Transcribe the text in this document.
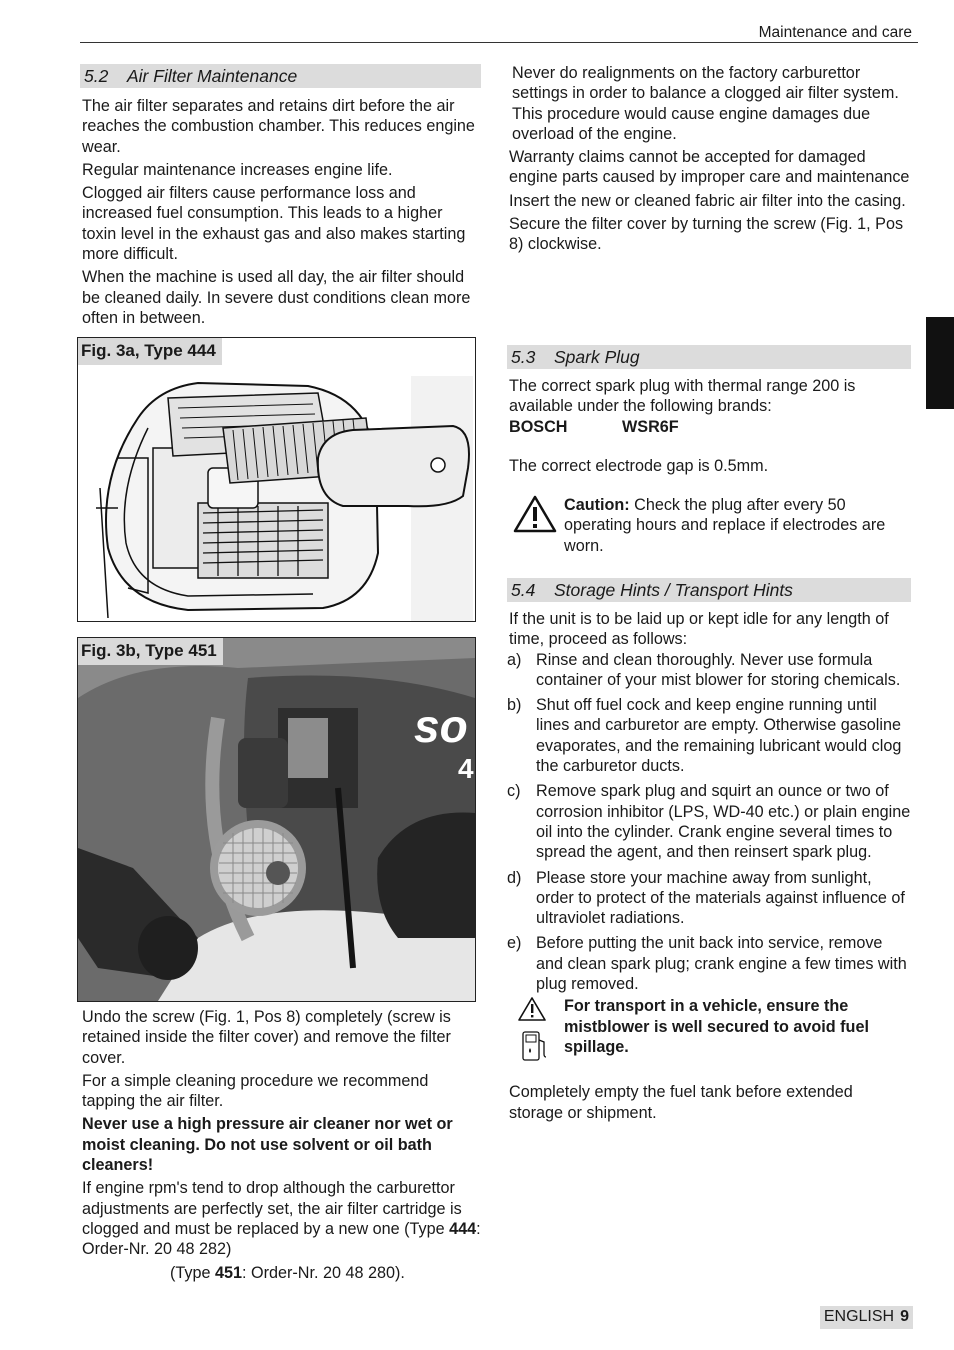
Maintenance and care
5.2 Air Filter Maintenance

The air filter separates and retains dirt before the air reaches the combustion chamber. This reduces engine wear.

Regular maintenance increases engine life.

Clogged air filters cause performance loss and increased fuel consumption. This leads to a higher toxin level in the exhaust gas and also makes starting more difficult.

When the machine is used all day, the air filter should be cleaned daily. In severe dust conditions clean more often in between.

Fig. 3a, Type 444
Fig. 3b, Type 451
so
4

Undo the screw (Fig. 1, Pos 8) completely (screw is retained inside the filter cover) and remove the filter cover.

For a simple cleaning procedure we recommend tapping the air filter.

Never use a high pressure air cleaner nor wet or moist cleaning. Do not use solvent or oil bath cleaners!

If engine rpm's tend to drop although the carburettor adjustments are perfectly set, the air filter cartridge is clogged and must be replaced by a new one (Type 444: Order-Nr. 20 48 282)

(Type 451: Order-Nr. 20 48 280).

Never do realignments on the factory carburettor settings in order to balance a clogged air filter system. This procedure would cause engine damages due overload of the engine.

Warranty claims cannot be accepted for damaged engine parts caused by improper care and maintenance

Insert the new or cleaned fabric air filter into the casing.

Secure the filter cover by turning the screw (Fig. 1, Pos 8) clockwise.

5.3 Spark Plug

The correct spark plug with thermal range 200 is available under the following brands:

BOSCH	WSR6F

The correct electrode gap is 0.5mm.

Caution: Check the plug after every 50 operating hours and replace if electrodes are worn.
5.4 Storage Hints / Transport Hints

If the unit is to be laid up or kept idle for any length of time, proceed as follows:

a) Rinse and clean thoroughly. Never use formula container of your mist blower for storing chemicals.
b) Shut off fuel cock and keep engine running until lines and carburetor are empty. Otherwise gasoline evaporates, and the remaining lubricant would clog the carburetor ducts.
c) Remove spark plug and squirt an ounce or two of corrosion inhibitor (LPS, WD-40 etc.) or plain engine oil into the cylinder. Crank engine several times to spread the agent, and then reinsert spark plug.
d) Please store your machine away from sunlight, order to protect of the materials against influence of ultraviolet radiations.
e) Before putting the unit back into service, remove and clean spark plug; crank engine a few times with plug removed.
For transport in a vehicle, ensure the mistblower is well secured to avoid fuel spillage.

Completely empty the fuel tank before extended storage or shipment.

ENGLISH 9
